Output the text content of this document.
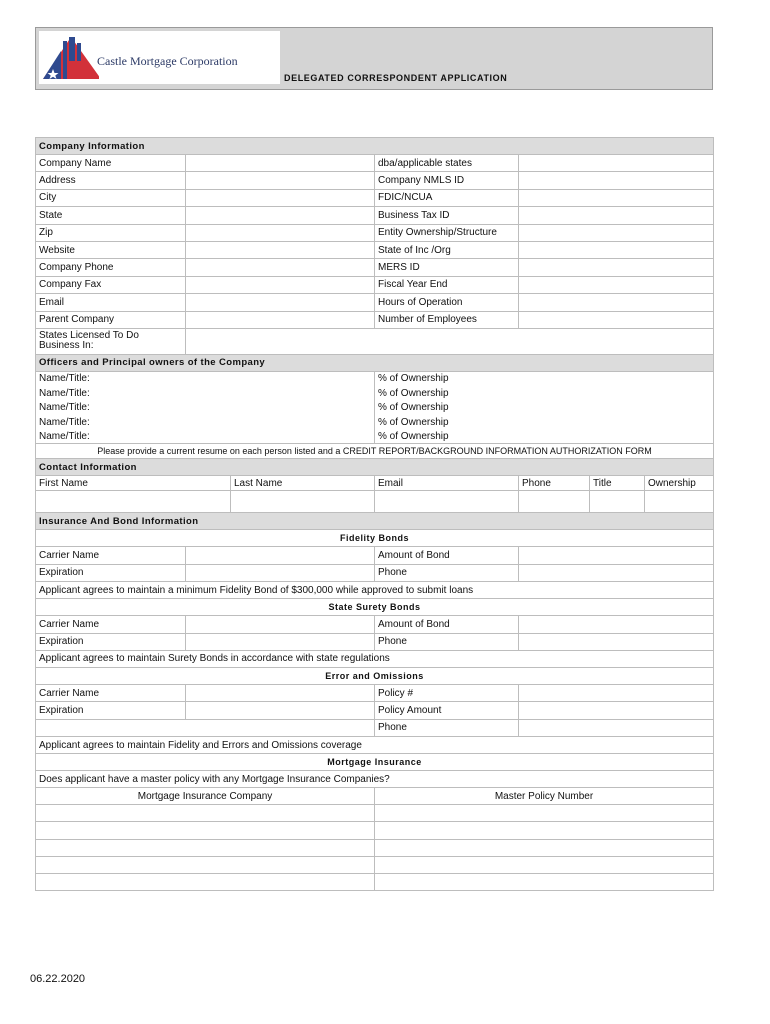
Castle Mortgage Corporation
DELEGATED CORRESPONDENT APPLICATION
Company Information						
Company Name			dba/applicable states			
Address			Company NMLS ID			
City			FDIC/NCUA			
State			Business Tax ID			
Zip			Entity Ownership/Structure			
Website			State of Inc /Org			
Company Phone			MERS ID			
Company Fax			Fiscal Year End			
Email			Hours of Operation			
Parent Company			Number of Employees			
States Licensed To Do Business In:						
Officers and Principal owners of the Company						
Name/Title:			% of Ownership			
Name/Title:			% of Ownership			
Name/Title:			% of Ownership			
Name/Title:			% of Ownership			
Name/Title:			% of Ownership			
Please provide a current resume on each person listed and a CREDIT REPORT/BACKGROUND INFORMATION AUTHORIZATION FORM						
Contact Information						
First Name		Last Name	Email	Phone	Title	Ownership

Insurance And Bond Information						
Fidelity Bonds						
Carrier Name			Amount of Bond			
Expiration			Phone			
Applicant agrees to maintain a minimum Fidelity Bond of $300,000 while approved to submit loans						
State Surety Bonds						
Carrier Name			Amount of Bond			
Expiration			Phone			
Applicant agrees to maintain Surety Bonds in accordance with state regulations						
Error and Omissions						
Carrier Name			Policy #			
Expiration			Policy Amount			
			Phone			
Applicant agrees to maintain Fidelity and Errors and Omissions coverage						
Mortgage Insurance						
Does applicant have a master policy with any Mortgage Insurance Companies?						
Mortgage Insurance Company			Master Policy Number			

06.22.2020
